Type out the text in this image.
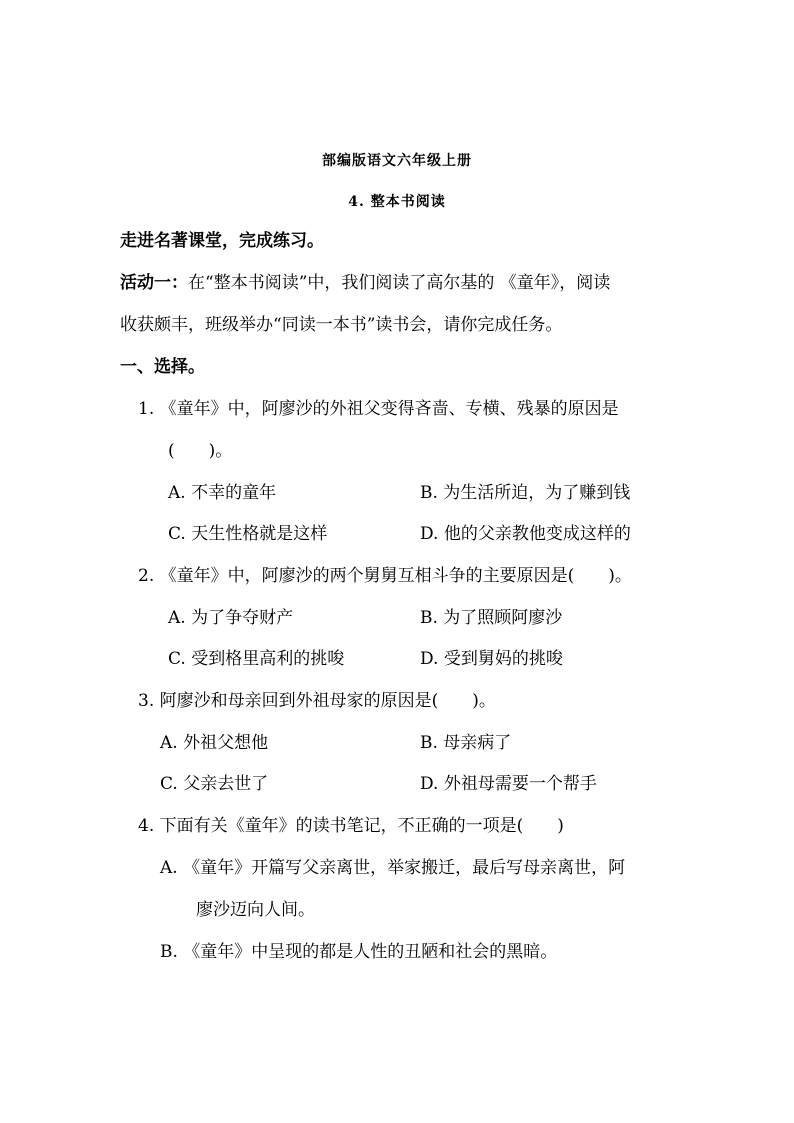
部编版语文六年级上册
4. 整本书阅读
走进名著课堂，完成练习。
活动一：在“整本书阅读”中，我们阅读了高尔基的 《童年》，阅读
收获颇丰，班级举办“同读一本书”读书会，请你完成任务。
一、选择。
1. 《童年》中，阿廖沙的外祖父变得吝啬、专横、残暴的原因是
(　　)。
A. 不幸的童年	B. 为生活所迫，为了赚到钱
C. 天生性格就是这样	D. 他的父亲教他变成这样的
2. 《童年》中，阿廖沙的两个舅舅互相斗争的主要原因是(　　)。
A. 为了争夺财产	B. 为了照顾阿廖沙
C. 受到格里高利的挑唆	D. 受到舅妈的挑唆
3. 阿廖沙和母亲回到外祖母家的原因是(　　)。
A. 外祖父想他	B. 母亲病了
C. 父亲去世了	D. 外祖母需要一个帮手
4. 下面有关《童年》的读书笔记，不正确的一项是(　　)
A. 《童年》开篇写父亲离世，举家搬迁，最后写母亲离世，阿
廖沙迈向人间。
B. 《童年》中呈现的都是人性的丑陋和社会的黑暗。
